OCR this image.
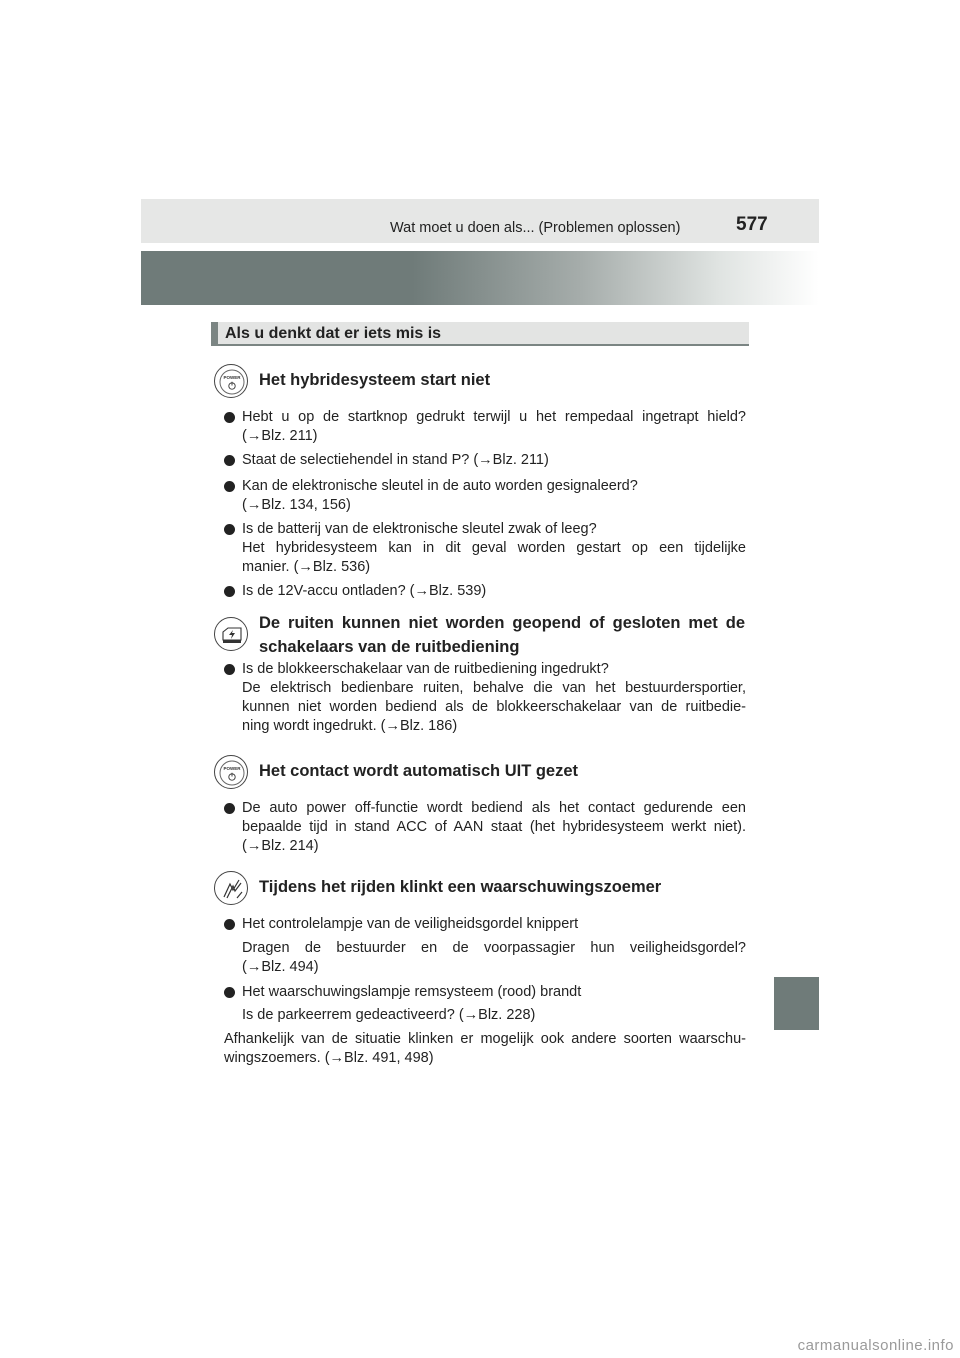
Wat moet u doen als... (Problemen oplossen)	577
Als u denkt dat er iets mis is
POWER Het hybridesysteem start niet
Hebt u op de startknop gedrukt terwijl u het rempedaal ingetrapt hield?
(→Blz. 211)
Staat de selectiehendel in stand P? (→Blz. 211)
Kan de elektronische sleutel in de auto worden gesignaleerd?
(→Blz. 134, 156)
Is de batterij van de elektronische sleutel zwak of leeg?
Het hybridesysteem kan in dit geval worden gestart op een tijdelijke
manier. (→Blz. 536)
Is de 12V-accu ontladen? (→Blz. 539)
De ruiten kunnen niet worden geopend of gesloten met de
schakelaars van de ruitbediening
Is de blokkeerschakelaar van de ruitbediening ingedrukt?
De elektrisch bedienbare ruiten, behalve die van het bestuurdersportier,
kunnen niet worden bediend als de blokkeerschakelaar van de ruitbedie-
ning wordt ingedrukt. (→Blz. 186)
POWER Het contact wordt automatisch UIT gezet
De auto power off-functie wordt bediend als het contact gedurende een
bepaalde tijd in stand ACC of AAN staat (het hybridesysteem werkt niet).
(→Blz. 214)
Tijdens het rijden klinkt een waarschuwingszoemer
Het controlelampje van de veiligheidsgordel knippert
Dragen de bestuurder en de voorpassagier hun veiligheidsgordel?
(→Blz. 494)
Het waarschuwingslampje remsysteem (rood) brandt
Is de parkeerrem gedeactiveerd? (→Blz. 228)
Afhankelijk van de situatie klinken er mogelijk ook andere soorten waarschu-
wingszoemers. (→Blz. 491, 498)
carmanualsonline.info
